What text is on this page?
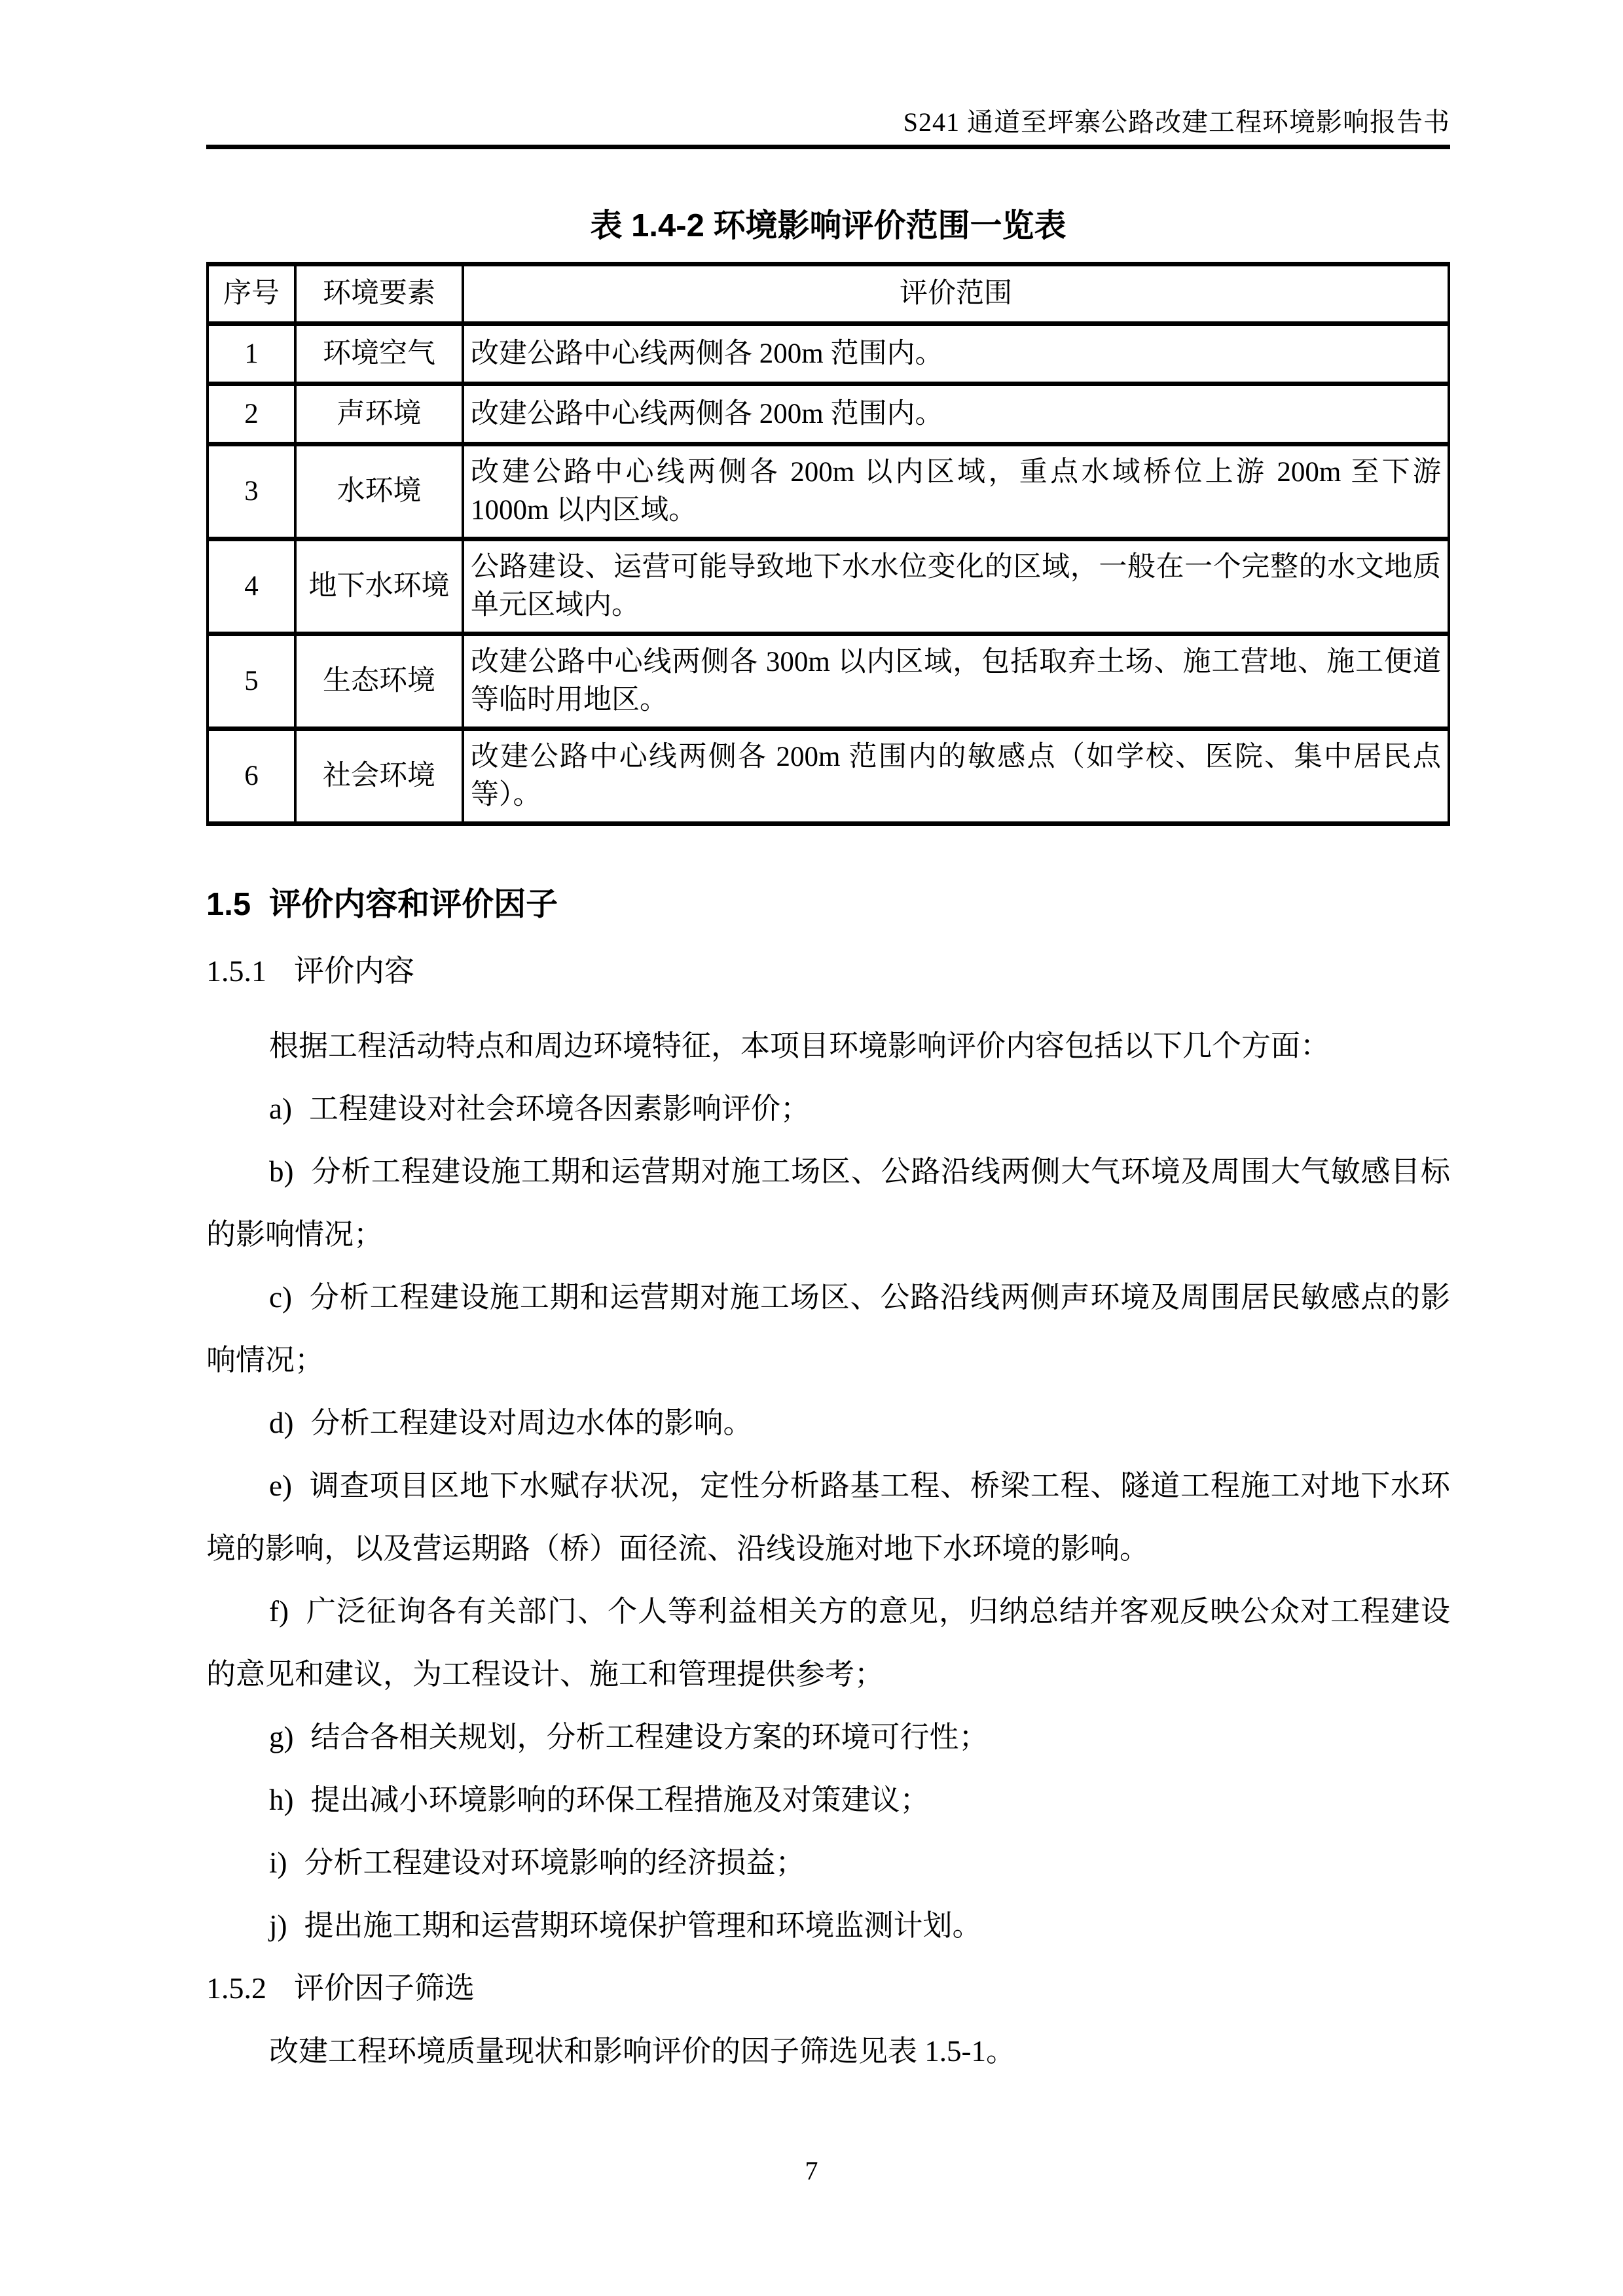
S241 通道至坪寨公路改建工程环境影响报告书
表 1.4-2 环境影响评价范围一览表
序号	环境要素	评价范围
1	环境空气	改建公路中心线两侧各 200m 范围内。
2	声环境	改建公路中心线两侧各 200m 范围内。
3	水环境	改建公路中心线两侧各 200m 以内区域，重点水域桥位上游 200m 至下游 1000m 以内区域。
4	地下水环境	公路建设、运营可能导致地下水水位变化的区域，一般在一个完整的水文地质单元区域内。
5	生态环境	改建公路中心线两侧各 300m 以内区域，包括取弃土场、施工营地、施工便道等临时用地区。
6	社会环境	改建公路中心线两侧各 200m 范围内的敏感点（如学校、医院、集中居民点等）。
1.5 评价内容和评价因子
1.5.1 评价内容

根据工程活动特点和周边环境特征，本项目环境影响评价内容包括以下几个方面：

a) 工程建设对社会环境各因素影响评价；

b) 分析工程建设施工期和运营期对施工场区、公路沿线两侧大气环境及周围大气敏感目标的影响情况；

c) 分析工程建设施工期和运营期对施工场区、公路沿线两侧声环境及周围居民敏感点的影响情况；

d) 分析工程建设对周边水体的影响。

e) 调查项目区地下水赋存状况，定性分析路基工程、桥梁工程、隧道工程施工对地下水环境的影响，以及营运期路（桥）面径流、沿线设施对地下水环境的影响。

f) 广泛征询各有关部门、个人等利益相关方的意见，归纳总结并客观反映公众对工程建设的意见和建议，为工程设计、施工和管理提供参考；

g) 结合各相关规划，分析工程建设方案的环境可行性；

h) 提出减小环境影响的环保工程措施及对策建议；

i) 分析工程建设对环境影响的经济损益；

j) 提出施工期和运营期环境保护管理和环境监测计划。

1.5.2 评价因子筛选

改建工程环境质量现状和影响评价的因子筛选见表 1.5-1。

7
